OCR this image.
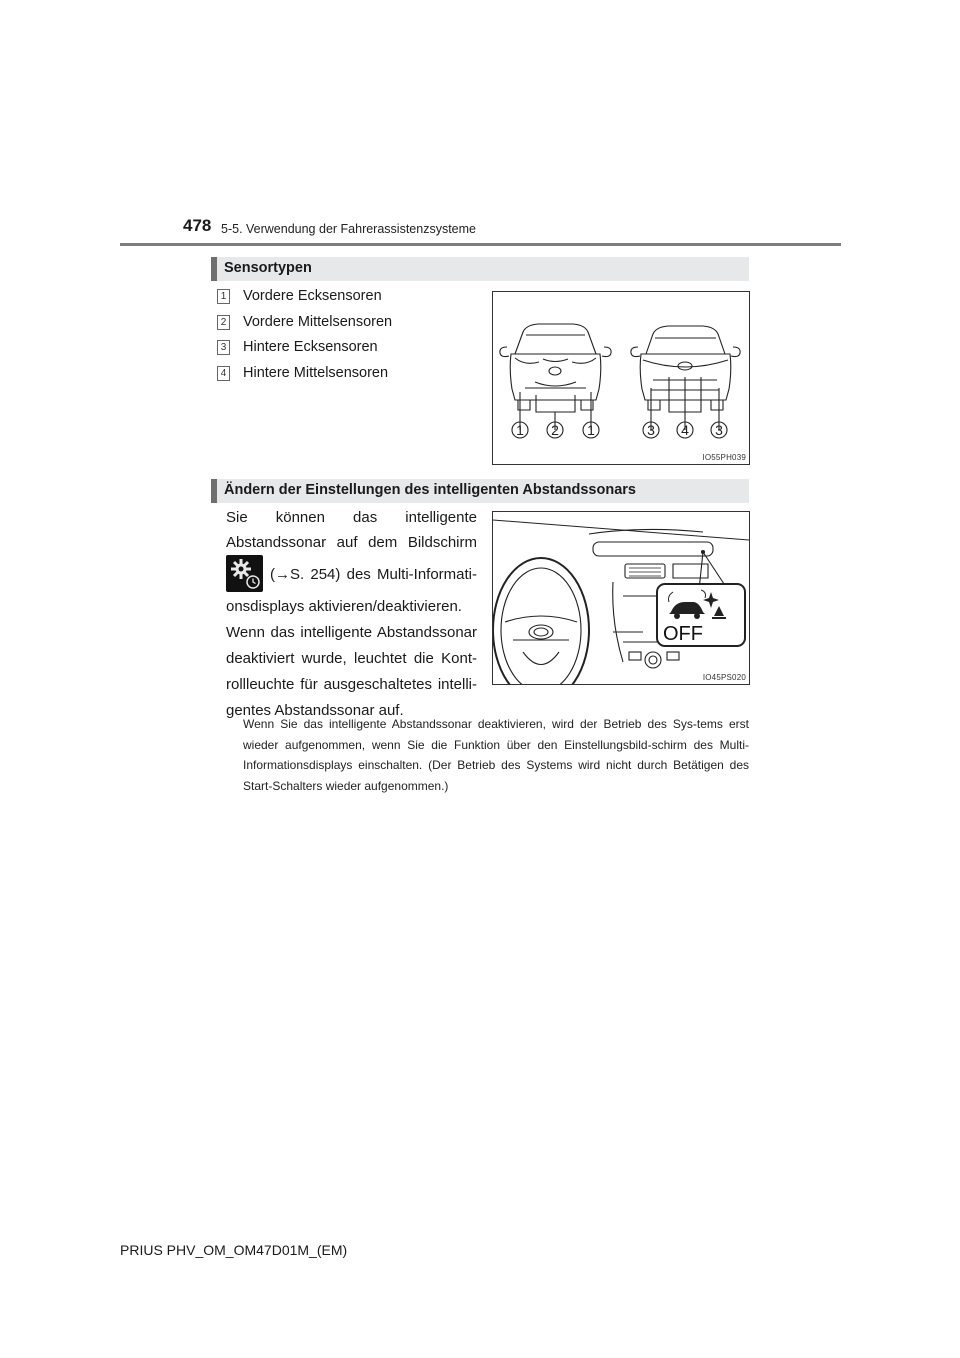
478 5-5. Verwendung der Fahrerassistenzsysteme
Sensortypen
1 Vordere Ecksensoren
2 Vordere Mittelsensoren
3 Hintere Ecksensoren
4 Hintere Mittelsensoren
1 2 1	3 4 3
IO55PH039
Ändern der Einstellungen des intelligenten Abstandssonars
Sie können das intelligente
Abstandssonar auf dem Bildschirm
(→S. 254) des Multi-Informati-
onsdisplays aktivieren/deaktivieren.
Wenn das intelligente Abstandssonar deaktiviert wurde, leuchtet die Kont-rollleuchte für ausgeschaltetes intelli-gentes Abstandssonar auf.
OFF
IO45PS020
Wenn Sie das intelligente Abstandssonar deaktivieren, wird der Betrieb des Sys-tems erst wieder aufgenommen, wenn Sie die Funktion über den Einstellungsbild-schirm des Multi-Informationsdisplays einschalten. (Der Betrieb des Systems wird nicht durch Betätigen des Start-Schalters wieder aufgenommen.)
PRIUS PHV_OM_OM47D01M_(EM)
